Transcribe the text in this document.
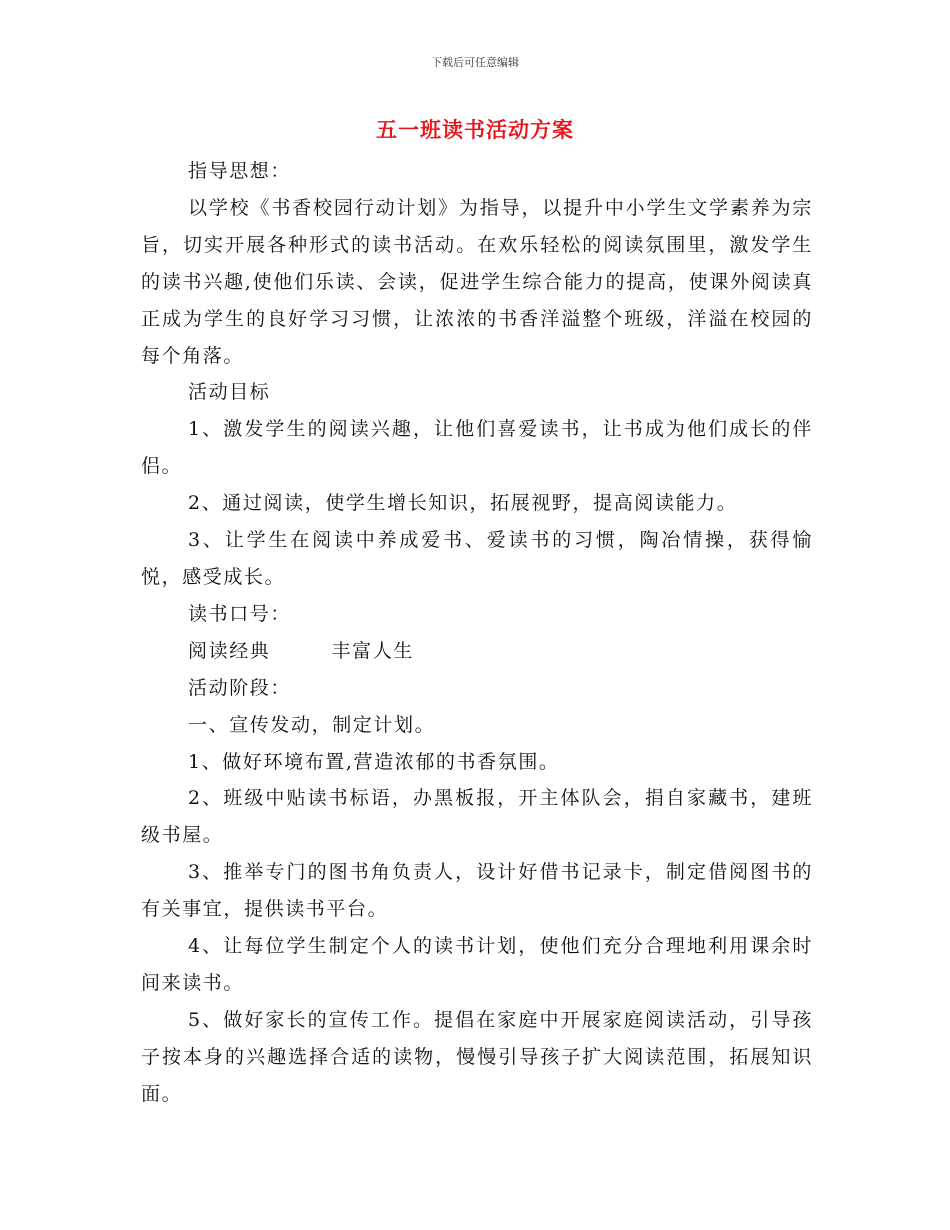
下载后可任意编辑
五一班读书活动方案

指导思想：

以学校《书香校园行动计划》为指导，以提升中小学生文学素养为宗旨，切实开展各种形式的读书活动。在欢乐轻松的阅读氛围里，激发学生的读书兴趣,使他们乐读、会读，促进学生综合能力的提高，使课外阅读真正成为学生的良好学习习惯，让浓浓的书香洋溢整个班级，洋溢在校园的每个角落。

活动目标

1、激发学生的阅读兴趣，让他们喜爱读书，让书成为他们成长的伴侣。

2、通过阅读，使学生增长知识，拓展视野，提高阅读能力。

3、让学生在阅读中养成爱书、爱读书的习惯，陶冶情操，获得愉悦，感受成长。

读书口号：

阅读经典        丰富人生

活动阶段：

一、宣传发动，制定计划。

1、做好环境布置,营造浓郁的书香氛围。

2、班级中贴读书标语，办黑板报，开主体队会，捐自家藏书，建班级书屋。

3、推举专门的图书角负责人，设计好借书记录卡，制定借阅图书的有关事宜，提供读书平台。

4、让每位学生制定个人的读书计划，使他们充分合理地利用课余时间来读书。

5、做好家长的宣传工作。提倡在家庭中开展家庭阅读活动，引导孩子按本身的兴趣选择合适的读物，慢慢引导孩子扩大阅读范围，拓展知识面。
